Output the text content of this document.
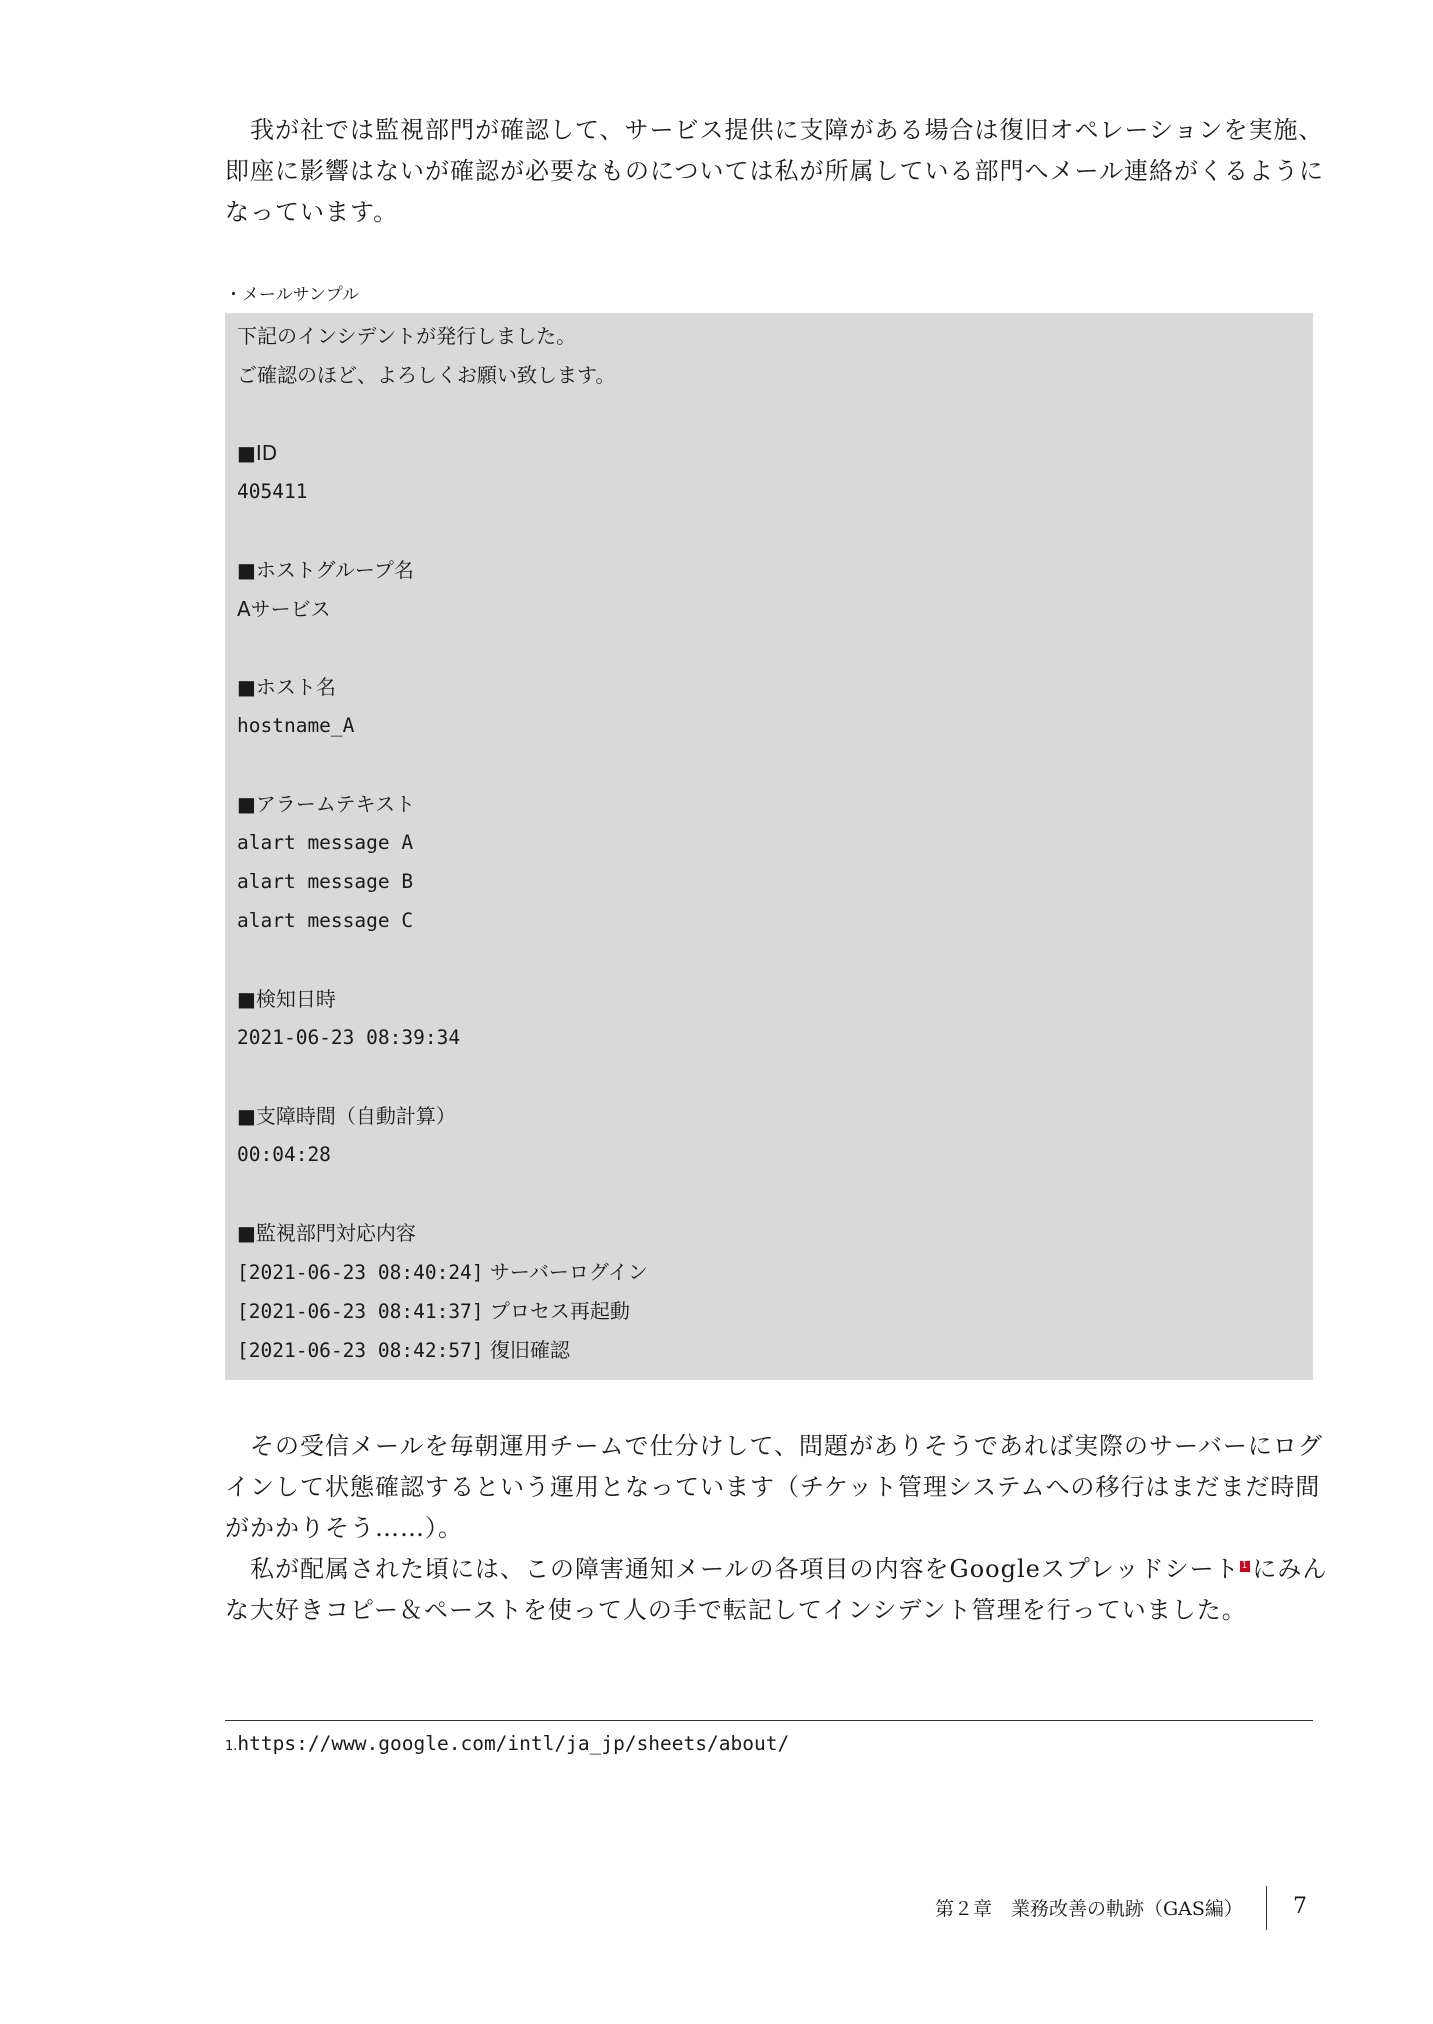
　我が社では監視部門が確認して、サービス提供に支障がある場合は復旧オペレーションを実施、
即座に影響はないが確認が必要なものについては私が所属している部門へメール連絡がくるように
なっています。

・メールサンプル
下記のインシデントが発行しました。
ご確認のほど、よろしくお願い致します。
■ID
405411
■ホストグループ名
Aサービス
■ホスト名
hostname_A
■アラームテキスト
alart message A
alart message B
alart message C
■検知日時
2021-06-23 08:39:34
■支障時間（自動計算）
00:04:28
■監視部門対応内容
[2021-06-23 08:40:24] サーバーログイン
[2021-06-23 08:41:37] プロセス再起動
[2021-06-23 08:42:57] 復旧確認

　その受信メールを毎朝運用チームで仕分けして、問題がありそうであれば実際のサーバーにログ
インして状態確認するという運用となっています（チケット管理システムへの移行はまだまだ時間
がかかりそう……）。

　私が配属された頃には、この障害通知メールの各項目の内容をGoogleスプレッドシート 1 にみん
な大好きコピー＆ペーストを使って人の手で転記してインシデント管理を行っていました。

1.https://www.google.com/intl/ja_jp/sheets/about/
第２章　業務改善の軌跡（GAS編） 7
